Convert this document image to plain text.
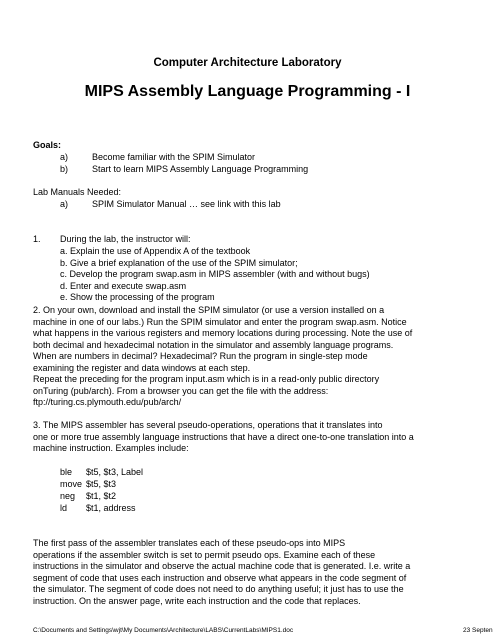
Computer Architecture Laboratory
MIPS Assembly Language Programming - I
Goals:
a)	Become familiar with the SPIM Simulator
b)	Start to learn MIPS Assembly Language Programming
Lab Manuals Needed:
a)	SPIM Simulator Manual … see link with this lab
1. During the lab, the instructor will:
a. Explain the use of Appendix A of the textbook
b. Give a brief explanation of the use of the SPIM simulator;
c. Develop the program swap.asm in MIPS assembler (with and without bugs)
d. Enter and execute swap.asm
e. Show the processing of the program
2. On your own, download and install the SPIM simulator (or use a version installed on a
machine in one of our labs.) Run the SPIM simulator and enter the program swap.asm. Notice
what happens in the various registers and memory locations during processing. Note the use of
both decimal and hexadecimal notation in the simulator and assembly language programs.
When are numbers in decimal? Hexadecimal? Run the program in single-step mode
examining the register and data windows at each step.
Repeat the preceding for the program input.asm which is in a read-only public directory
onTuring (pub/arch). From a browser you can get the file with the address:
ftp://turing.cs.plymouth.edu/pub/arch/
3. The MIPS assembler has several pseudo-operations, operations that it translates into
one or more true assembly language instructions that have a direct one-to-one translation into a
machine instruction. Examples include:
ble $t5, $t3, Label
move $t5, $t3
neg $t1, $t2
ld $t1, address
The first pass of the assembler translates each of these pseudo-ops into MIPS
operations if the assembler switch is set to permit pseudo ops. Examine each of these
instructions in the simulator and observe the actual machine code that is generated. I.e. write a
segment of code that uses each instruction and observe what appears in the code segment of
the simulator. The segment of code does not need to do anything useful; it just has to use the
instruction. On the answer page, write each instruction and the code that replaces.
C:\Documents and Settings\wjt\My Documents\Architecture\LABS\CurrentLabs\MIPS1.doc	23 Septen
